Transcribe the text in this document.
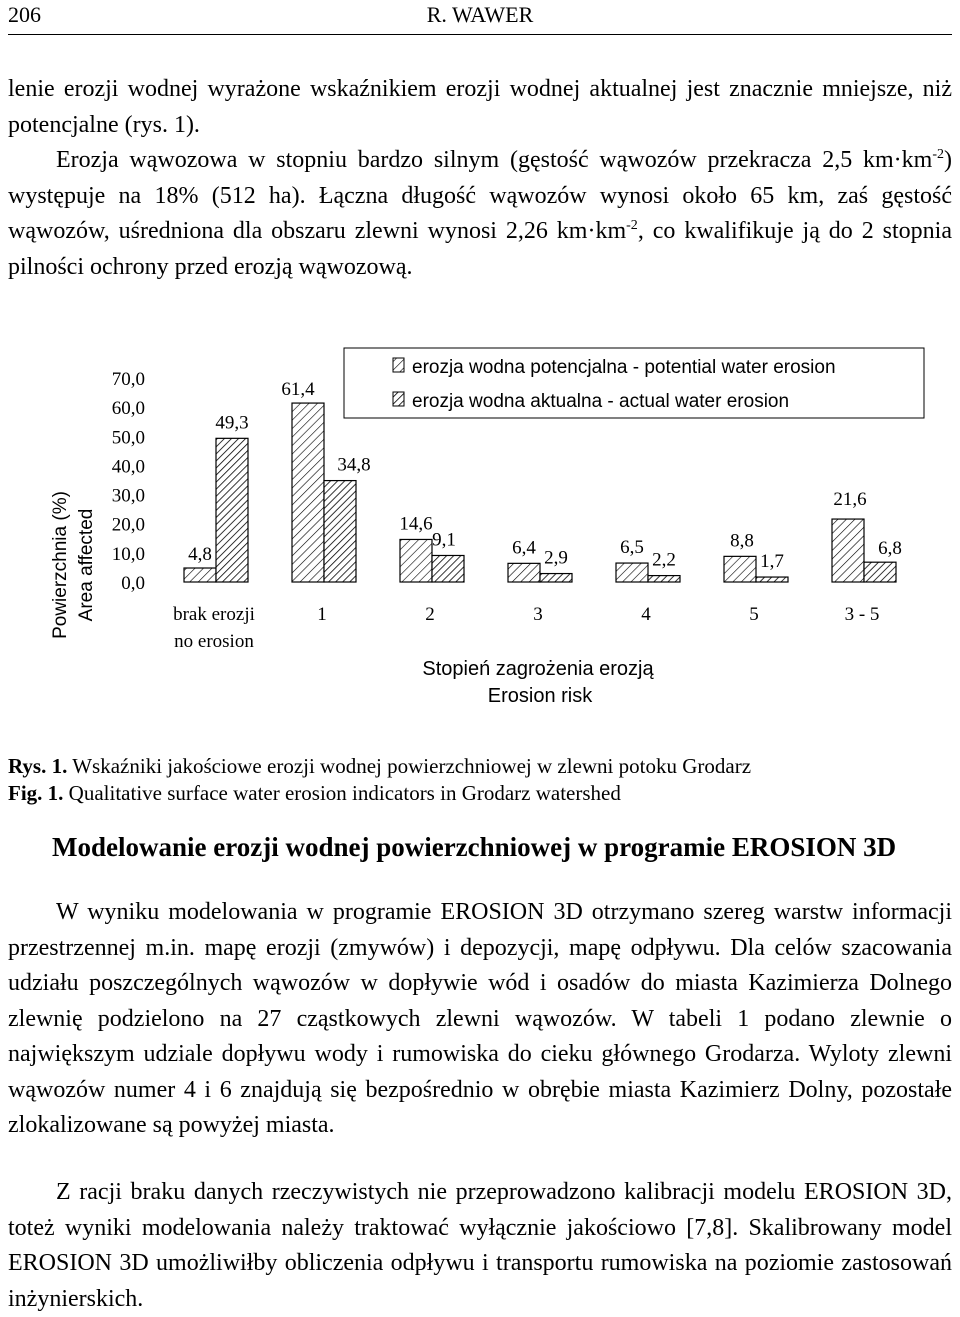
206	R. WAWER

lenie erozji wodnej wyrażone wskaźnikiem erozji wodnej aktualnej jest znacznie mniejsze, niż potencjalne (rys. 1).

Erozja wąwozowa w stopniu bardzo silnym (gęstość wąwozów przekracza 2,5 $km\cdot km^{-2}$) występuje na 18% (512 ha). Łączna długość wąwozów wynosi około 65 km, zaś gęstość wąwozów, uśredniona dla obszaru zlewni wynosi 2,26 $km\cdot km^{-2}$, co kwalifikuje ją do 2 stopnia pilności ochrony przed erozją wąwozową.

Powierzchnia (%) Area affected
70,0
60,0
50,0
40,0
30,0
20,0
10,0
0,0
4,8
61,4
14,6
6,4	6,5	8,8
21,6
49,3
34,8
9,1
2,9	2,2	1,7
6,8
brak erozji
no erosion
1	2	3	4	5	3 - 5
erozja wodna potencjalna - potential water erosion
erozja wodna aktualna - actual water erosion
Stopień zagrożenia erozją
Erosion risk

Rys. 1. Wskaźniki jakościowe erozji wodnej powierzchniowej w zlewni potoku Grodarz

Fig. 1. Qualitative surface water erosion indicators in Grodarz watershed

Modelowanie erozji wodnej powierzchniowej w programie EROSION 3D

W wyniku modelowania w programie EROSION 3D otrzymano szereg warstw informacji przestrzennej m.in. mapę erozji (zmywów) i depozycji, mapę odpływu. Dla celów szacowania udziału poszczególnych wąwozów w dopływie wód i osadów do miasta Kazimierza Dolnego zlewnię podzielono na 27 cząstkowych zlewni wąwozów. W tabeli 1 podano zlewnie o największym udziale dopływu wody i rumowiska do cieku głównego Grodarza. Wyloty zlewni wąwozów numer 4 i 6 znajdują się bezpośrednio w obrębie miasta Kazimierz Dolny, pozostałe zlokalizowane są powyżej miasta.

Z racji braku danych rzeczywistych nie przeprowadzono kalibracji modelu EROSION 3D, toteż wyniki modelowania należy traktować wyłącznie jakościowo [7,8]. Skalibrowany model EROSION 3D umożliwiłby obliczenia odpływu i transportu rumowiska na poziomie zastosowań inżynierskich.
